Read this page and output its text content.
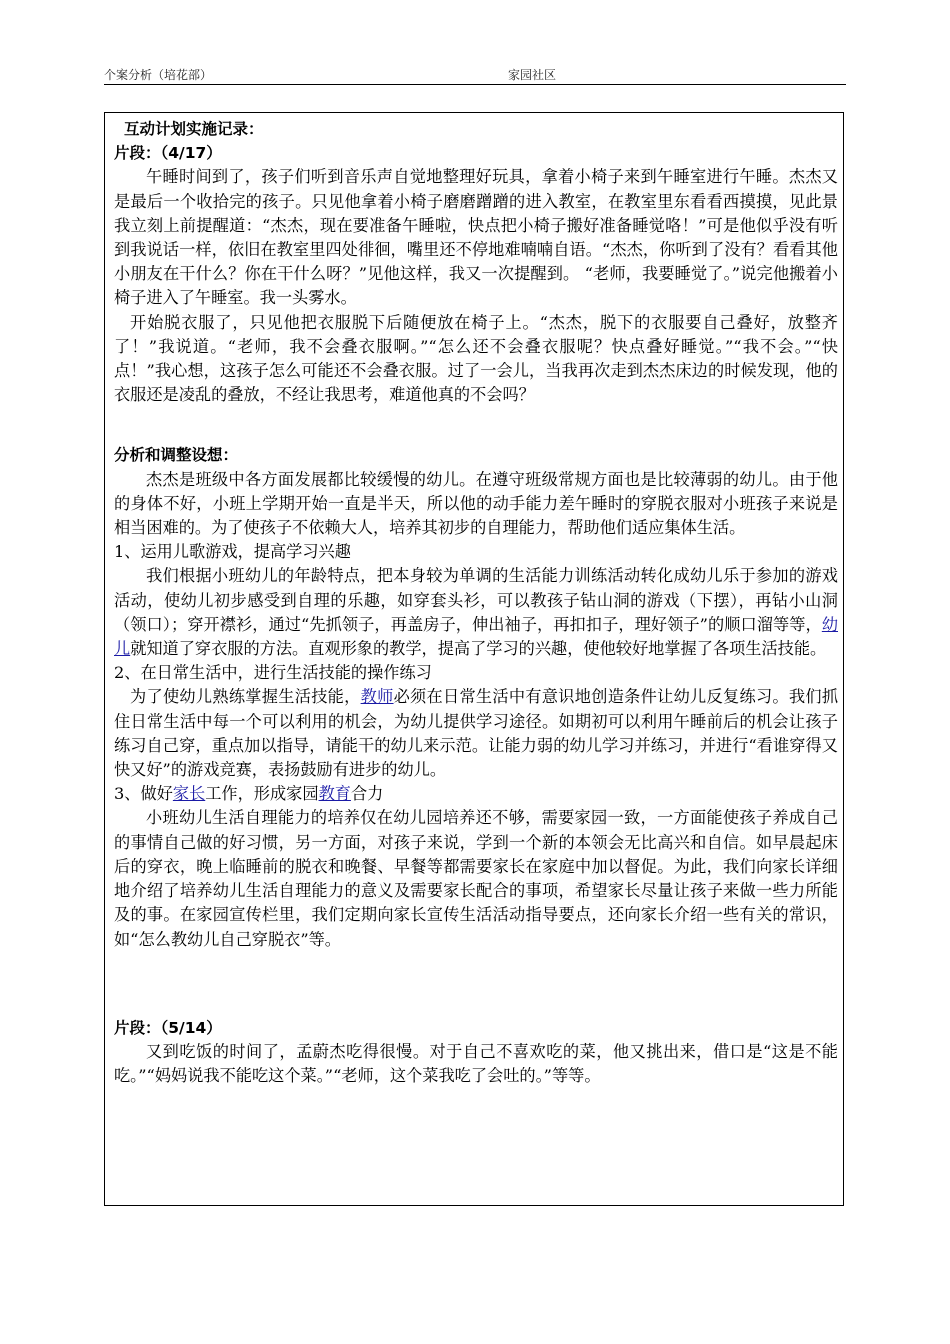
个案分析（培花部）	家园社区

互动计划实施记录：

片段：（4/17）

午睡时间到了，孩子们听到音乐声自觉地整理好玩具，拿着小椅子来到午睡室进行午睡。杰杰又是最后一个收拾完的孩子。只见他拿着小椅子磨磨蹭蹭的进入教室，在教室里东看看西摸摸，见此景我立刻上前提醒道：“杰杰，现在要准备午睡啦，快点把小椅子搬好准备睡觉咯！”可是他似乎没有听到我说话一样，依旧在教室里四处徘徊，嘴里还不停地难喃喃自语。“杰杰，你听到了没有？看看其他小朋友在干什么？你在干什么呀？”见他这样，我又一次提醒到。 “老师，我要睡觉了。”说完他搬着小椅子进入了午睡室。我一头雾水。

开始脱衣服了，只见他把衣服脱下后随便放在椅子上。“杰杰，脱下的衣服要自己叠好，放整齐了！”我说道。“老师，我不会叠衣服啊。”“怎么还不会叠衣服呢？快点叠好睡觉。”“我不会。”“快点！”我心想，这孩子怎么可能还不会叠衣服。过了一会儿，当我再次走到杰杰床边的时候发现，他的衣服还是凌乱的叠放，不经让我思考，难道他真的不会吗？

分析和调整设想：

杰杰是班级中各方面发展都比较缓慢的幼儿。在遵守班级常规方面也是比较薄弱的幼儿。由于他的身体不好，小班上学期开始一直是半天，所以他的动手能力差午睡时的穿脱衣服对小班孩子来说是相当困难的。为了使孩子不依赖大人，培养其初步的自理能力，帮助他们适应集体生活。

1、运用儿歌游戏，提高学习兴趣

我们根据小班幼儿的年龄特点，把本身较为单调的生活能力训练活动转化成幼儿乐于参加的游戏活动，使幼儿初步感受到自理的乐趣，如穿套头衫，可以教孩子钻山洞的游戏（下摆），再钻小山洞（领口）；穿开襟衫，通过“先抓领子，再盖房子，伸出袖子，再扣扣子，理好领子”的顺口溜等等，幼儿就知道了穿衣服的方法。直观形象的教学，提高了学习的兴趣，使他较好地掌握了各项生活技能。

2、在日常生活中，进行生活技能的操作练习

为了使幼儿熟练掌握生活技能，教师必须在日常生活中有意识地创造条件让幼儿反复练习。我们抓住日常生活中每一个可以利用的机会，为幼儿提供学习途径。如期初可以利用午睡前后的机会让孩子练习自己穿，重点加以指导，请能干的幼儿来示范。让能力弱的幼儿学习并练习，并进行“看谁穿得又快又好”的游戏竞赛，表扬鼓励有进步的幼儿。

3、做好家长工作，形成家园教育合力

小班幼儿生活自理能力的培养仅在幼儿园培养还不够，需要家园一致，一方面能使孩子养成自己的事情自己做的好习惯，另一方面，对孩子来说，学到一个新的本领会无比高兴和自信。如早晨起床后的穿衣，晚上临睡前的脱衣和晚餐、早餐等都需要家长在家庭中加以督促。为此，我们向家长详细地介绍了培养幼儿生活自理能力的意义及需要家长配合的事项，希望家长尽量让孩子来做一些力所能及的事。在家园宣传栏里，我们定期向家长宣传生活活动指导要点，还向家长介绍一些有关的常识，如“怎么教幼儿自己穿脱衣”等。

片段：（5/14）

又到吃饭的时间了，孟蔚杰吃得很慢。对于自己不喜欢吃的菜，他又挑出来，借口是“这是不能吃。”“妈妈说我不能吃这个菜。”“老师，这个菜我吃了会吐的。”等等。
